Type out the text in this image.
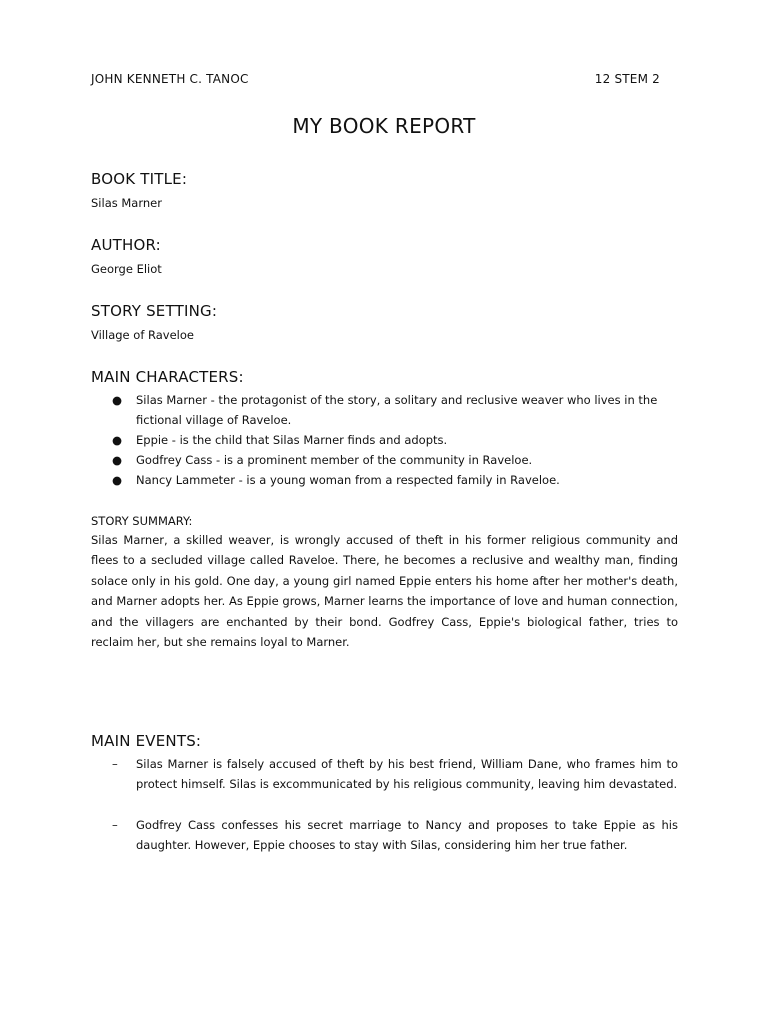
JOHN KENNETH C. TANOC	12 STEM 2
MY BOOK REPORT
BOOK TITLE:
Silas Marner
AUTHOR:
George Eliot
STORY SETTING:
Village of Raveloe
MAIN CHARACTERS:
● Silas Marner - the protagonist of the story, a solitary and reclusive weaver who lives in the fictional village of Raveloe.
● Eppie - is the child that Silas Marner finds and adopts.
● Godfrey Cass - is a prominent member of the community in Raveloe.
● Nancy Lammeter - is a young woman from a respected family in Raveloe.
STORY SUMMARY:

Silas Marner, a skilled weaver, is wrongly accused of theft in his former religious community and flees to a secluded village called Raveloe. There, he becomes a reclusive and wealthy man, finding solace only in his gold. One day, a young girl named Eppie enters his home after her mother's death, and Marner adopts her. As Eppie grows, Marner learns the importance of love and human connection, and the villagers are enchanted by their bond. Godfrey Cass, Eppie's biological father, tries to reclaim her, but she remains loyal to Marner.

MAIN EVENTS:
– Silas Marner is falsely accused of theft by his best friend, William Dane, who frames him to protect himself. Silas is excommunicated by his religious community, leaving him devastated.
– Godfrey Cass confesses his secret marriage to Nancy and proposes to take Eppie as his daughter. However, Eppie chooses to stay with Silas, considering him her true father.
